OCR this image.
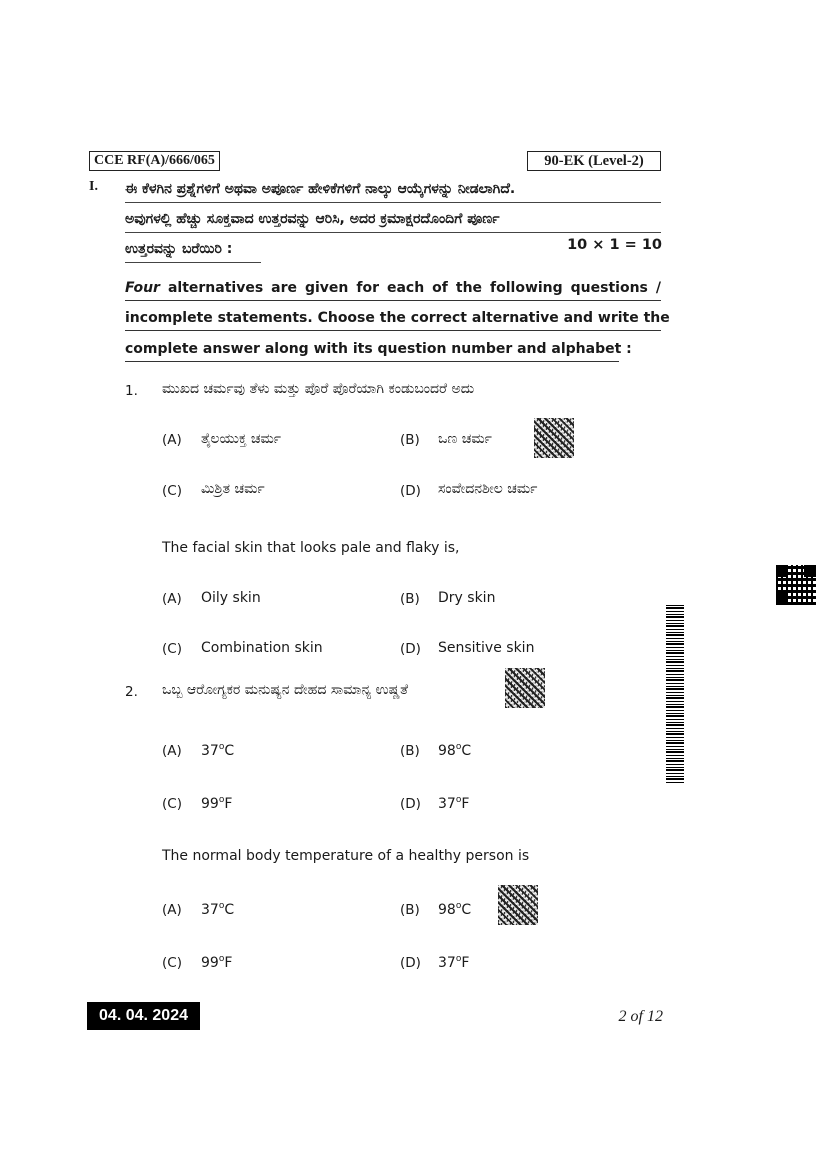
CCE RF(A)/666/065	90-EK (Level-2)
I. ಈ ಕೆಳಗಿನ ಪ್ರಶ್ನೆಗಳಿಗೆ ಅಥವಾ ಅಪೂರ್ಣ ಹೇಳಿಕೆಗಳಿಗೆ ನಾಲ್ಕು ಆಯ್ಕೆಗಳನ್ನು ನೀಡಲಾಗಿದೆ.
ಅವುಗಳಲ್ಲಿ ಹೆಚ್ಚು ಸೂಕ್ತವಾದ ಉತ್ತರವನ್ನು ಆರಿಸಿ, ಅದರ ಕ್ರಮಾಕ್ಷರದೊಂದಿಗೆ ಪೂರ್ಣ
ಉತ್ತರವನ್ನು ಬರೆಯಿರಿ :	10 × 1 = 10
Four alternatives are given for each of the following questions /
incomplete statements. Choose the correct alternative and write the
complete answer along with its question number and alphabet :
1. ಮುಖದ ಚರ್ಮವು ತೆಳು ಮತ್ತು ಪೊರೆ ಪೊರೆಯಾಗಿ ಕಂಡುಬಂದರೆ ಅದು
(A) ತೈಲಯುಕ್ತ ಚರ್ಮ	(B) ಒಣ ಚರ್ಮ
(C) ಮಿಶ್ರಿತ ಚರ್ಮ	(D) ಸಂವೇದನಶೀಲ ಚರ್ಮ
The facial skin that looks pale and flaky is,
(A) Oily skin	(B) Dry skin
(C) Combination skin	(D) Sensitive skin
2. ಒಬ್ಬ ಆರೋಗ್ಯಕರ ಮನುಷ್ಯನ ದೇಹದ ಸಾಮಾನ್ಯ ಉಷ್ಣತೆ
(A) 37$^o$C	(B) 98$^o$C
(C) 99$^o$F	(D) 37$^o$F
The normal body temperature of a healthy person is
(A) 37$^o$C	(B) 98$^o$C
(C) 99$^o$F	(D) 37$^o$F
04. 04. 2024	2 of 12
